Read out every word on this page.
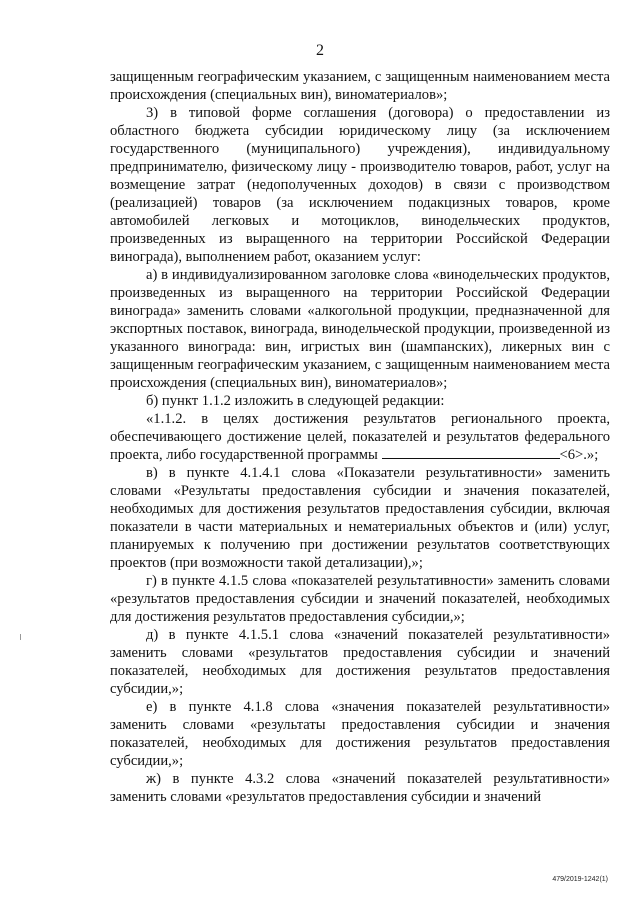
2

защищенным географическим указанием, с защищенным наименованием места происхождения (специальных вин), виноматериалов»;

3) в типовой форме соглашения (договора) о предоставлении из областного бюджета субсидии юридическому лицу (за исключением государственного (муниципального) учреждения), индивидуальному предпринимателю, физическому лицу - производителю товаров, работ, услуг на возмещение затрат (недополученных доходов) в связи с производством (реализацией) товаров (за исключением подакцизных товаров, кроме автомобилей легковых и мотоциклов, винодельческих продуктов, произведенных из выращенного на территории Российской Федерации винограда), выполнением работ, оказанием услуг:

а) в индивидуализированном заголовке слова «винодельческих продуктов, произведенных из выращенного на территории Российской Федерации винограда» заменить словами «алкогольной продукции, предназначенной для экспортных поставок, винограда, винодельческой продукции, произведенной из указанного винограда: вин, игристых вин (шампанских), ликерных вин с защищенным географическим указанием, с защищенным наименованием места происхождения (специальных вин), виноматериалов»;

б) пункт 1.1.2 изложить в следующей редакции:

«1.1.2. в целях достижения результатов регионального проекта, обеспечивающего достижение целей, показателей и результатов федерального проекта, либо государственной программы	<6>.»;

в) в пункте 4.1.4.1 слова «Показатели результативности» заменить словами «Результаты предоставления субсидии и значения показателей, необходимых для достижения результатов предоставления субсидии, включая показатели в части материальных и нематериальных объектов и (или) услуг, планируемых к получению при достижении результатов соответствующих проектов (при возможности такой детализации),»;

г) в пункте 4.1.5 слова «показателей результативности» заменить словами «результатов предоставления субсидии и значений показателей, необходимых для достижения результатов предоставления субсидии,»;

д) в пункте 4.1.5.1 слова «значений показателей результативности» заменить словами «результатов предоставления субсидии и значений показателей, необходимых для достижения результатов предоставления субсидии,»;

е) в пункте 4.1.8 слова «значения показателей результативности» заменить словами «результаты предоставления субсидии и значения показателей, необходимых для достижения результатов предоставления субсидии,»;

ж) в пункте 4.3.2 слова «значений показателей результативности» заменить словами «результатов предоставления субсидии и значений

479/2019-1242(1)
